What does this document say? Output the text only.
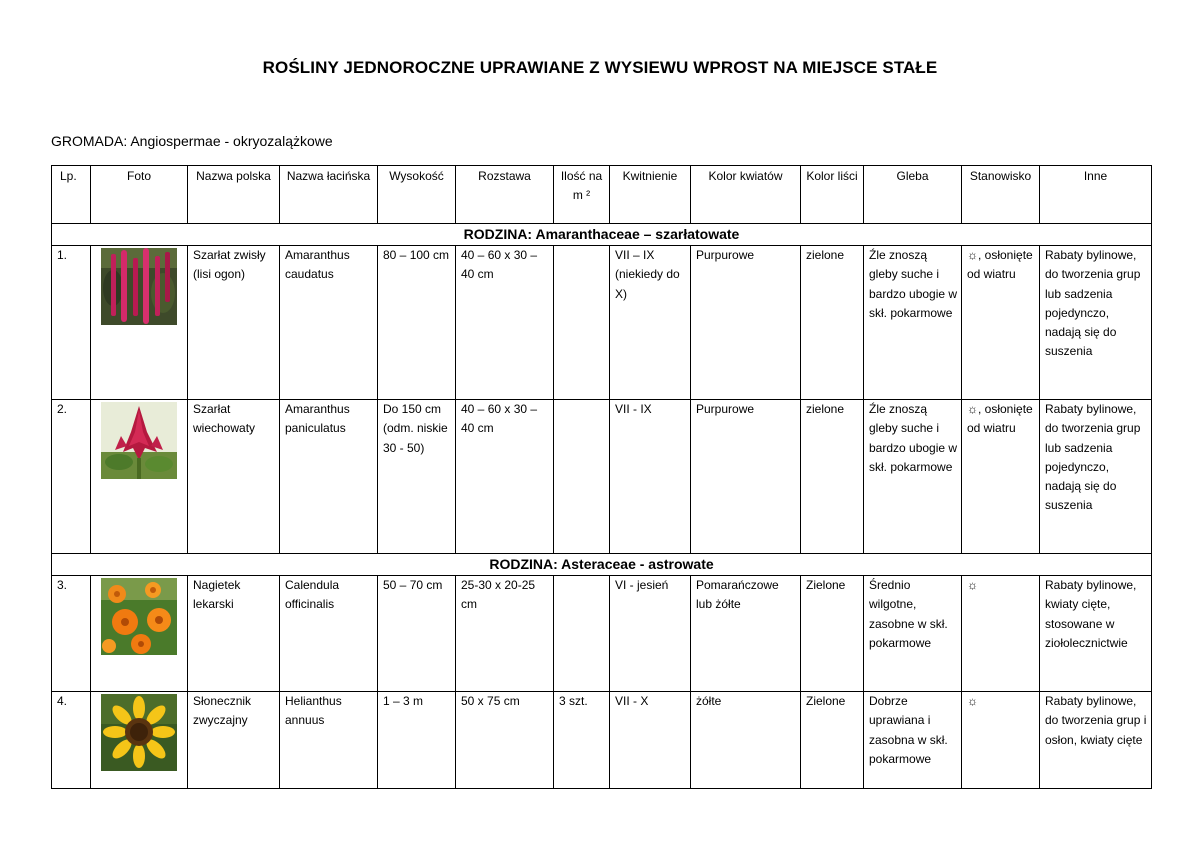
ROŚLINY JEDNOROCZNE UPRAWIANE Z WYSIEWU WPROST NA MIEJSCE STAŁE
GROMADA: Angiospermae - okryozalążkowe
Lp.	Foto	Nazwa polska	Nazwa łacińska	Wysokość	Rozstawa	Ilość na m ²	Kwitnienie	Kolor kwiatów	Kolor liści	Gleba	Stanowisko	Inne
RODZINA: Amaranthaceae – szarłatowate												
1.		Szarłat zwisły (lisi ogon)	Amaranthus caudatus	80 – 100 cm	40 – 60 x 30 – 40 cm		VII – IX (niekiedy do X)	Purpurowe	zielone	Źle znoszą gleby suche i bardzo ubogie w skł. pokarmowe	☼, osłonięte od wiatru	Rabaty bylinowe, do tworzenia grup lub sadzenia pojedynczo, nadają się do suszenia
2.		Szarłat wiechowaty	Amaranthus paniculatus	Do 150 cm (odm. niskie 30 - 50)	40 – 60 x 30 – 40 cm		VII - IX	Purpurowe	zielone	Źle znoszą gleby suche i bardzo ubogie w skł. pokarmowe	☼, osłonięte od wiatru	Rabaty bylinowe, do tworzenia grup lub sadzenia pojedynczo, nadają się do suszenia
RODZINA: Asteraceae - astrowate												
3.		Nagietek lekarski	Calendula officinalis	50 – 70 cm	25-30 x 20-25 cm		VI - jesień	Pomarańczowe lub żółte	Zielone	Średnio wilgotne, zasobne w skł. pokarmowe	☼	Rabaty bylinowe, kwiaty cięte, stosowane w ziołolecznictwie
4.		Słonecznik zwyczajny	Helianthus annuus	1 – 3 m	50 x 75 cm	3 szt.	VII - X	żółte	Zielone	Dobrze uprawiana i zasobna w skł. pokarmowe	☼	Rabaty bylinowe, do tworzenia grup i osłon, kwiaty cięte
